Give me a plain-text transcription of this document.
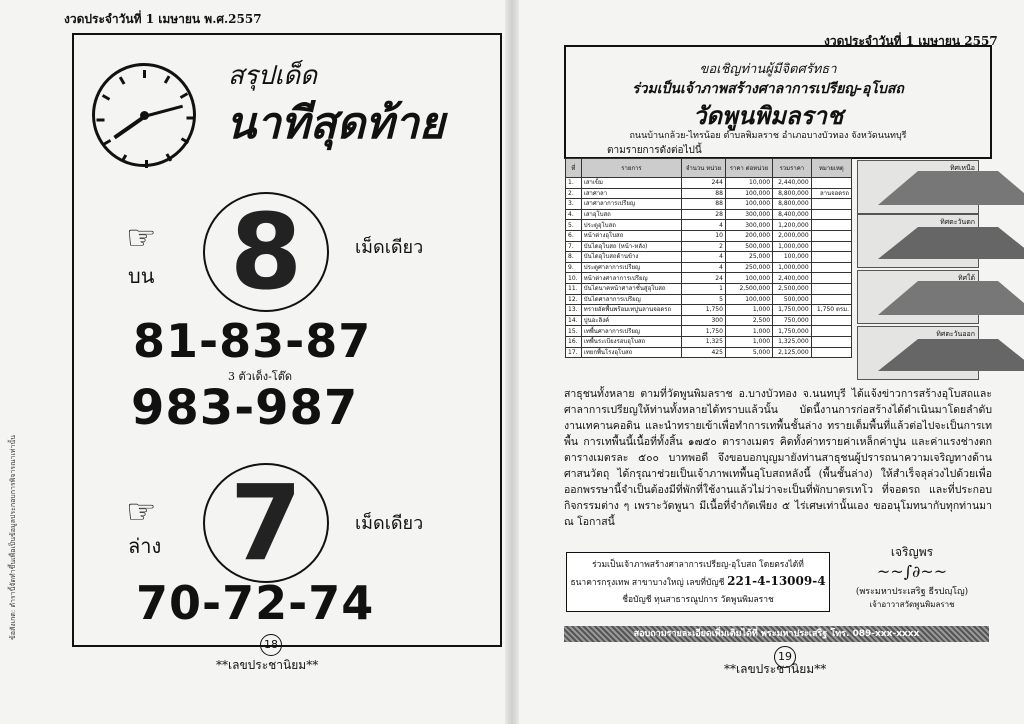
งวดประจำวันที่ 1 เมษายน พ.ศ.2557
ข้อสังเกต: ตำรานี้จัดทำขึ้นเพื่อเป็นข้อมูลประกอบการพิจารณาเท่านั้น
สรุปเด็ด
นาทีสุดท้าย
☞
บน 8	เม็ดเดียว
81-83-87
3 ตัวเด็ง-โต๊ด
983-987
☞
ล่าง 7	เม็ดเดียว
70-72-74
18
**เลขประชานิยม**
งวดประจำวันที่ 1 เมษายน 2557
ขอเชิญท่านผู้มีจิตศรัทธา
ร่วมเป็นเจ้าภาพสร้างศาลาการเปรียญ-อุโบสถ
วัดพูนพิมลราช
ถนนบ้านกล้วย-ไทรน้อย ตำบลพิมลราช อำเภอบางบัวทอง จังหวัดนนทบุรี
ตามรายการดังต่อไปนี้
ที่	รายการ	จำนวน หน่วย	ราคา ต่อหน่วย	รวมราคา	หมายเหตุ
1.	เสาเข็ม	244	10,000	2,440,000	
2.	เสาศาลา	88	100,000	8,800,000	ลานจอดรถ
3.	เสาศาลาการเปรียญ	88	100,000	8,800,000	
4.	เสาอุโบสถ	28	300,000	8,400,000	
5.	ประตูอุโบสถ	4	300,000	1,200,000	
6.	หน้าต่างอุโบสถ	10	200,000	2,000,000	
7.	บันไดอุโบสถ (หน้า-หลัง)	2	500,000	1,000,000	
8.	บันไดอุโบสถด้านข้าง	4	25,000	100,000	
9.	ประตูศาลาการเปรียญ	4	250,000	1,000,000	
10.	หน้าต่างศาลาการเปรียญ	24	100,000	2,400,000	
11.	บันไดนาคหน้าศาลาชั้นสู่อุโบสถ	1	2,500,000	2,500,000	
12.	บันไดศาลาการเปรียญ	5	100,000	500,000	
13.	ทรายอัดพื้นพร้อมเทปูนลานจอดรถ	1,750	1,000	1,750,000	1,750 ตรม.
14.	ปูนอะลิงค์	300	2,500	750,000	
15.	เทพื้นศาลาการเปรียญ	1,750	1,000	1,750,000	
16.	เทพื้นระเบียงรอบอุโบสถ	1,325	1,000	1,325,000	
17.	เทยกพื้นโรงอุโบสถ	425	5,000	2,125,000	
ทิศเหนือ
ทิศตะวันตก
ทิศใต้
ทิศตะวันออก
สาธุชนทั้งหลาย ตามที่วัดพูนพิมลราช อ.บางบัวทอง จ.นนทบุรี ได้แจ้งข่าวการสร้างอุโบสถและศาลาการเปรียญให้ท่านทั้งหลายได้ทราบแล้วนั้น บัดนี้งานการก่อสร้างได้ดำเนินมาโดยลำดับ งานเทคานคอดิน และนำทรายเข้าเพื่อทำการเทพื้นชั้นล่าง ทรายเต็มพื้นที่แล้วต่อไปจะเป็นการเทพื้น การเทพื้นนี้เนื้อที่ทั้งสิ้น ๑๗๕๐ ตารางเมตร คิดทั้งค่าทรายค่าเหล็กค่าปูน และค่าแรงช่างตกตารางเมตรละ ๕๐๐ บาทพอดี จึงขอบอกบุญมายังท่านสาธุชนผู้ปรารถนาความเจริญทางด้านศาสนวัตถุ ได้กรุณาช่วยเป็นเจ้าภาพเทพื้นอุโบสถหลังนี้ (พื้นชั้นล่าง) ให้สำเร็จลุล่วงไปด้วยเพื่อออกพรรษานี้จำเป็นต้องมีที่พักที่ใช้งานแล้วไม่ว่าจะเป็นที่พักบาตรเทโว ที่จอดรถ และที่ประกอบกิจกรรมต่าง ๆ เพราะวัดพูนา มีเนื้อที่จำกัดเพียง ๕ ไร่เศษเท่านั้นเอง ขออนุโมทนากับทุกท่านมา ณ โอกาสนี้
ร่วมเป็นเจ้าภาพสร้างศาลาการเปรียญ-อุโบสถ โดยตรงได้ที่
ธนาคารกรุงเทพ สาขาบางใหญ่ เลขที่บัญชี 221-4-13009-4
ชื่อบัญชี ทุนสาธารณูปการ วัดพูนพิมลราช
เจริญพร
~~∫∂~~
(พระมหาประเสริฐ ธีรปญฺโญ)
เจ้าอาวาสวัดพูนพิมลราช
สอบถามรายละเอียดเพิ่มเติมได้ที่ พระมหาประเสริฐ โทร. 089-xxx-xxxx
19
**เลขประชานิยม**
